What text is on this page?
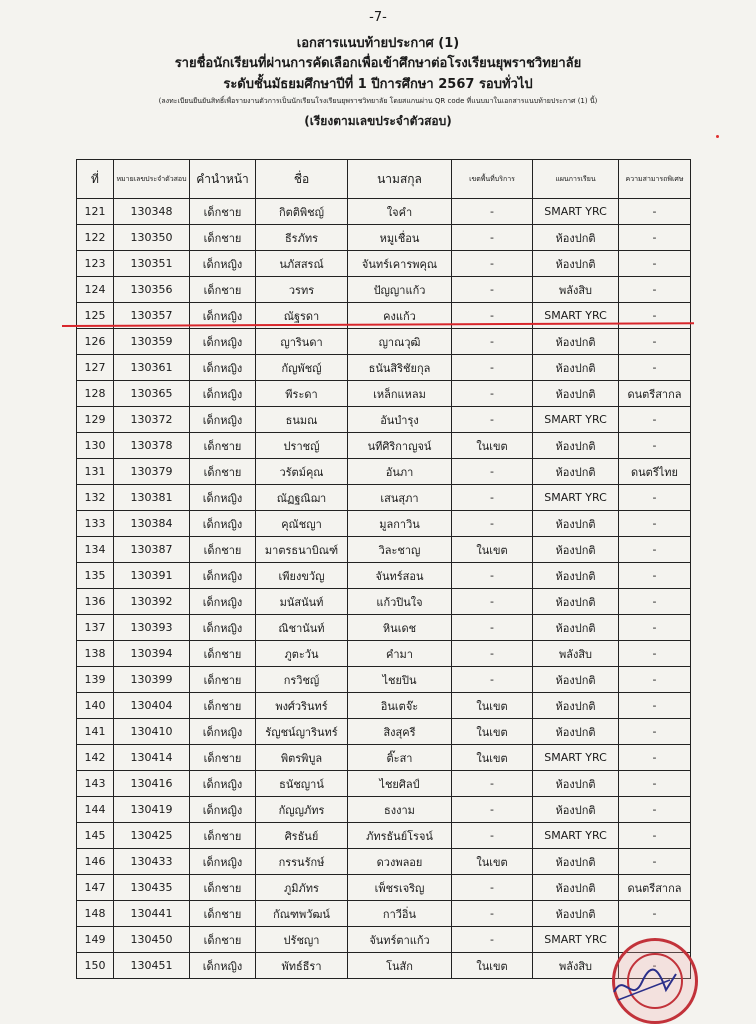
-7-
เอกสารแนบท้ายประกาศ (1)
รายชื่อนักเรียนที่ผ่านการคัดเลือกเพื่อเข้าศึกษาต่อโรงเรียนยุพราชวิทยาลัย
ระดับชั้นมัธยมศึกษาปีที่ 1 ปีการศึกษา 2567 รอบทั่วไป
(ลงทะเบียนยืนยันสิทธิ์เพื่อรายงานตัวการเป็นนักเรียนโรงเรียนยุพราชวิทยาลัย โดยสแกนผ่าน QR code ที่แนบมาในเอกสารแนบท้ายประกาศ (1) นี้)
(เรียงตามเลขประจำตัวสอบ)
ที่	หมายเลขประจำตัวสอบ	คำนำหน้า	ชื่อ	นามสกุล	เขตพื้นที่บริการ	แผนการเรียน	ความสามารถพิเศษ
121	130348	เด็กชาย	กิตติพิชญ์	ใจคำ	-	SMART YRC	-
122	130350	เด็กชาย	ธีรภัทร	หมูเชื่อน	-	ห้องปกติ	-
123	130351	เด็กหญิง	นภัสสรณ์	จันทร์เคารพคุณ	-	ห้องปกติ	-
124	130356	เด็กชาย	วรทร	ปัญญาแก้ว	-	พลังสิบ	-
125	130357	เด็กหญิง	ณัฐรดา	คงแก้ว	-	SMART YRC	-
126	130359	เด็กหญิง	ญารินดา	ญาณวุฒิ	-	ห้องปกติ	-
127	130361	เด็กหญิง	กัญพัชญ์	ธนันสิริชัยกุล	-	ห้องปกติ	-
128	130365	เด็กหญิง	พีระดา	เหล็กแหลม	-	ห้องปกติ	ดนตรีสากล
129	130372	เด็กหญิง	ธนมณ	อันบำรุง	-	SMART YRC	-
130	130378	เด็กชาย	ปราชญ์	นทีศิริกาญจน์	ในเขต	ห้องปกติ	-
131	130379	เด็กชาย	วรัตม์คุณ	อันภา	-	ห้องปกติ	ดนตรีไทย
132	130381	เด็กหญิง	ณัฏฐณิฌา	เสนสุภา	-	SMART YRC	-
133	130384	เด็กหญิง	คุณัชญา	มูลกาวิน	-	ห้องปกติ	-
134	130387	เด็กชาย	มาตรธนาบิณฑ์	วิละชาญ	ในเขต	ห้องปกติ	-
135	130391	เด็กหญิง	เพียงขวัญ	จันทร์สอน	-	ห้องปกติ	-
136	130392	เด็กหญิง	มนัสนันท์	แก้วปินใจ	-	ห้องปกติ	-
137	130393	เด็กหญิง	ณิชานันท์	หินเดช	-	ห้องปกติ	-
138	130394	เด็กชาย	ภูตะวัน	คำมา	-	พลังสิบ	-
139	130399	เด็กชาย	กรวิชญ์	ไชยปิน	-	ห้องปกติ	-
140	130404	เด็กชาย	พงศ์วรินทร์	อินเตจ๊ะ	ในเขต	ห้องปกติ	-
141	130410	เด็กหญิง	รัญชน์ญารินทร์	สิงสุครี	ในเขต	ห้องปกติ	-
142	130414	เด็กชาย	พิตรพิบูล	ติ๊ะสา	ในเขต	SMART YRC	-
143	130416	เด็กหญิง	ธนัชญาน์	ไชยศิลป์	-	ห้องปกติ	-
144	130419	เด็กหญิง	กัญญภัทร	ธงงาม	-	ห้องปกติ	-
145	130425	เด็กชาย	ศิรธันย์	ภัทรธันย์โรจน์	-	SMART YRC	-
146	130433	เด็กหญิง	กรรนรักษ์	ดวงพลอย	ในเขต	ห้องปกติ	-
147	130435	เด็กชาย	ภูมิภัทร	เพ็ชรเจริญ	-	ห้องปกติ	ดนตรีสากล
148	130441	เด็กชาย	กัณฑพวัฒน์	กาวีอิ่น	-	ห้องปกติ	-
149	130450	เด็กชาย	ปรัชญา	จันทร์ตาแก้ว	-	SMART YRC	-
150	130451	เด็กหญิง	พัทธ์ธีรา	โนสัก	ในเขต	พลังสิบ	-
